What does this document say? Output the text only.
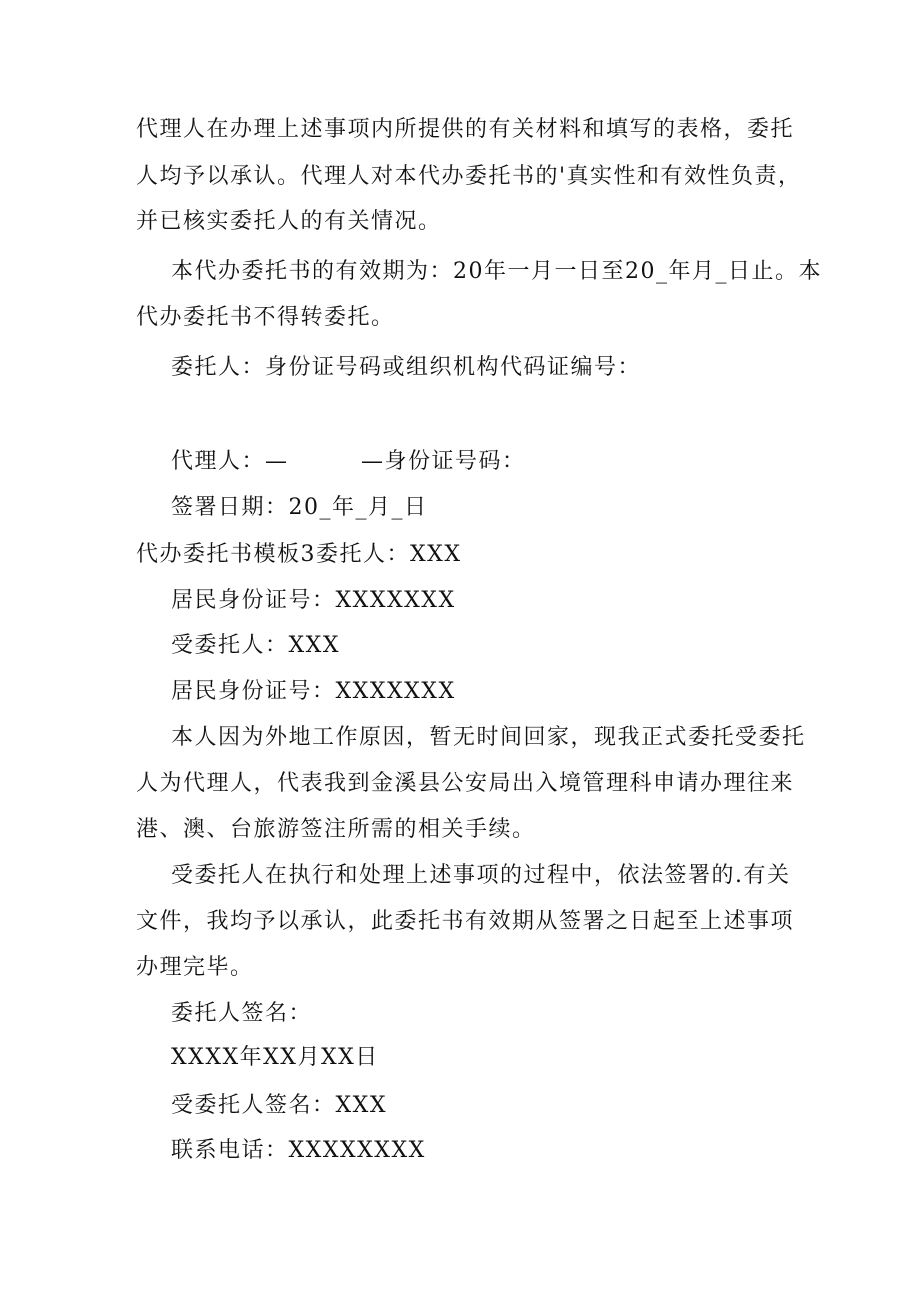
代理人在办理上述事项内所提供的有关材料和填写的表格，委托
人均予以承认。代理人对本代办委托书的'真实性和有效性负责，
并已核实委托人的有关情况。
本代办委托书的有效期为：20年一月一日至20_年月_日止。本
代办委托书不得转委托。
委托人：身份证号码或组织机构代码证编号：
代理人：—	—身份证号码：
签署日期：20_年_月_日
代办委托书模板3委托人：XXX
居民身份证号：XXXXXXX
受委托人：XXX
居民身份证号：XXXXXXX
本人因为外地工作原因，暂无时间回家，现我正式委托受委托
人为代理人，代表我到金溪县公安局出入境管理科申请办理往来
港、澳、台旅游签注所需的相关手续。
受委托人在执行和处理上述事项的过程中，依法签署的.有关
文件，我均予以承认，此委托书有效期从签署之日起至上述事项
办理完毕。
委托人签名：
XXXX年XX月XX日
受委托人签名：XXX
联系电话：XXXXXXXX
